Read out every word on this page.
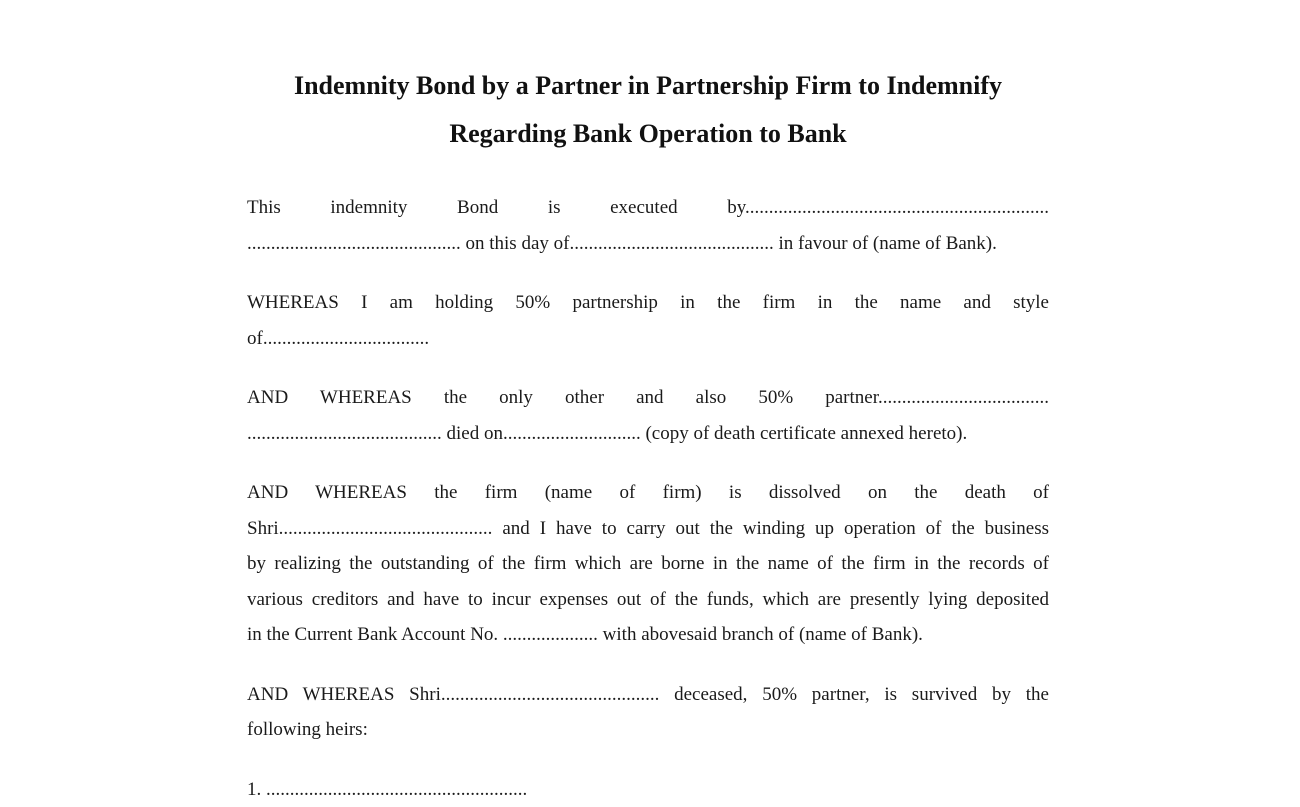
Indemnity Bond by a Partner in Partnership Firm to Indemnify
Regarding Bank Operation to Bank

This indemnity Bond is executed by................................................................
............................................. on this day of........................................... in favour of (name of Bank).

WHEREAS I am holding 50% partnership in the firm in the name and style
of...................................

AND WHEREAS the only other and also 50% partner....................................
......................................... died on............................. (copy of death certificate annexed hereto).

AND WHEREAS the firm (name of firm) is dissolved on the death of
Shri............................................. and I have to carry out the winding up operation of the business
by realizing the outstanding of the firm which are borne in the name of the firm in the records of
various creditors and have to incur expenses out of the funds, which are presently lying deposited
in the Current Bank Account No. .................... with abovesaid branch of (name of Bank).

AND WHEREAS Shri.............................................. deceased, 50% partner, is survived by the
following heirs:

1. .......................................................
